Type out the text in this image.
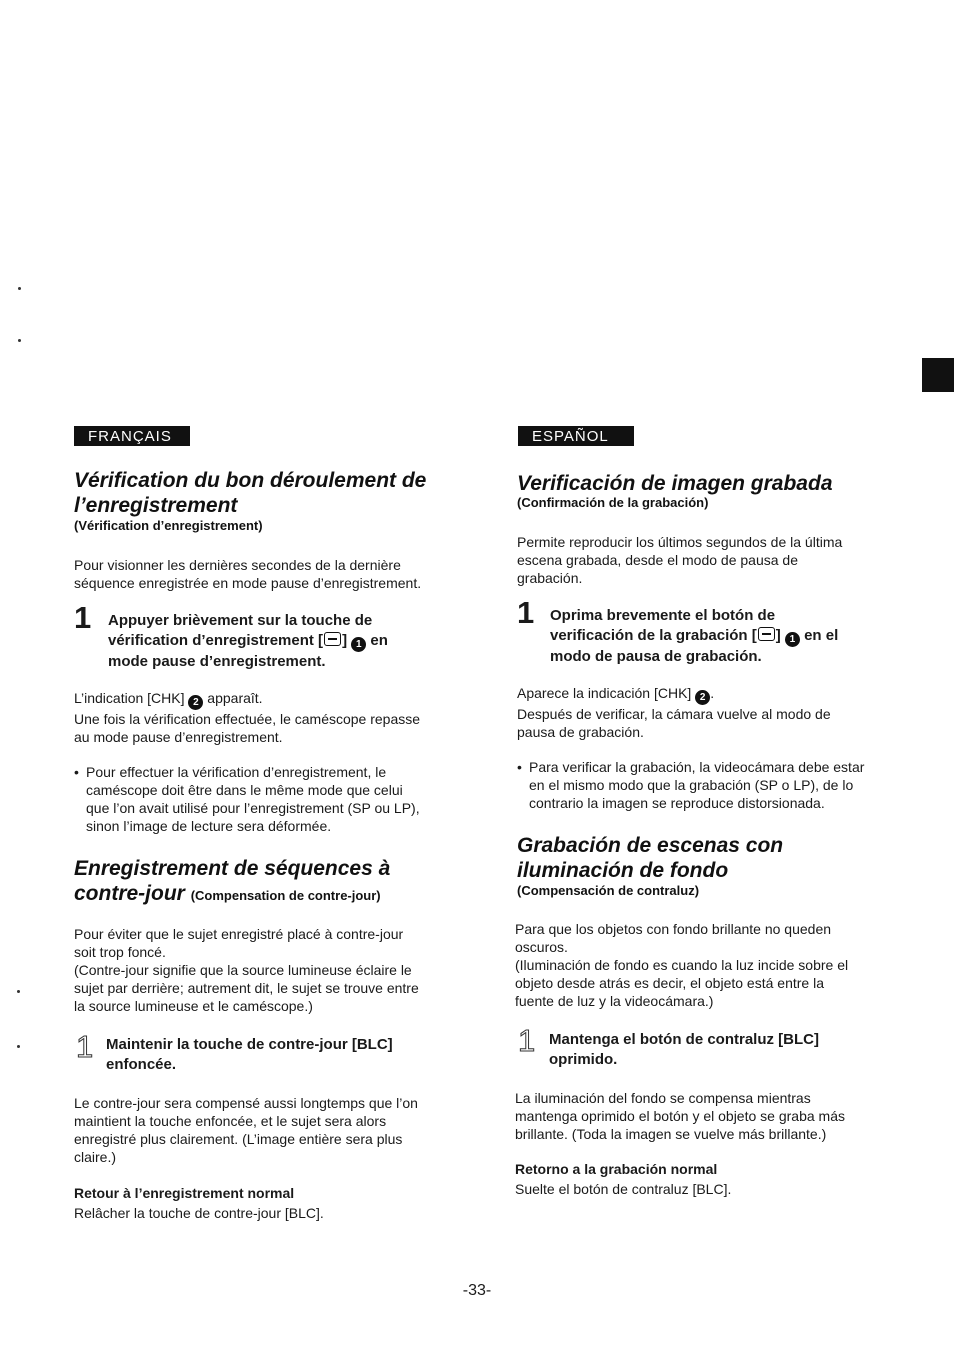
FRANÇAIS
Vérification du bon déroulement de
l’enregistrement
(Vérification d’enregistrement)
Pour visionner les dernières secondes de la dernière
séquence enregistrée en mode pause d’enregistrement.
1 Appuyer brièvement sur la touche de
vérification d’enregistrement [ ] 1 en
mode pause d’enregistrement.
L’indication [CHK] 2 apparaît.
Une fois la vérification effectuée, le caméscope repasse
au mode pause d’enregistrement.
• Pour effectuer la vérification d’enregistrement, le
caméscope doit être dans le même mode que celui
que l’on avait utilisé pour l’enregistrement (SP ou LP),
sinon l’image de lecture sera déformée.
Enregistrement de séquences à
contre-jour (Compensation de contre-jour)
Pour éviter que le sujet enregistré placé à contre-jour
soit trop foncé.
(Contre-jour signifie que la source lumineuse éclaire le
sujet par derrière; autrement dit, le sujet se trouve entre
la source lumineuse et le caméscope.)
1 Maintenir la touche de contre-jour [BLC]
enfoncée.
Le contre-jour sera compensé aussi longtemps que l’on
maintient la touche enfoncée, et le sujet sera alors
enregistré plus clairement. (L’image entière sera plus
claire.)
Retour à l’enregistrement normal
Relâcher la touche de contre-jour [BLC].
ESPAÑOL
Verificación de imagen grabada
(Confirmación de la grabación)
Permite reproducir los últimos segundos de la última
escena grabada, desde el modo de pausa de
grabación.
1 Oprima brevemente el botón de
verificación de la grabación [ ] 1 en el
modo de pausa de grabación.
Aparece la indicación [CHK] 2 .
Después de verificar, la cámara vuelve al modo de
pausa de grabación.
• Para verificar la grabación, la videocámara debe estar
en el mismo modo que la grabación (SP o LP), de lo
contrario la imagen se reproduce distorsionada.
Grabación de escenas con
iluminación de fondo
(Compensación de contraluz)
Para que los objetos con fondo brillante no queden
oscuros.
(Iluminación de fondo es cuando la luz incide sobre el
objeto desde atrás es decir, el objeto está entre la
fuente de luz y la videocámara.)
1 Mantenga el botón de contraluz [BLC]
oprimido.
La iluminación del fondo se compensa mientras
mantenga oprimido el botón y el objeto se graba más
brillante. (Toda la imagen se vuelve más brillante.)
Retorno a la grabación normal
Suelte el botón de contraluz [BLC].
-33-
